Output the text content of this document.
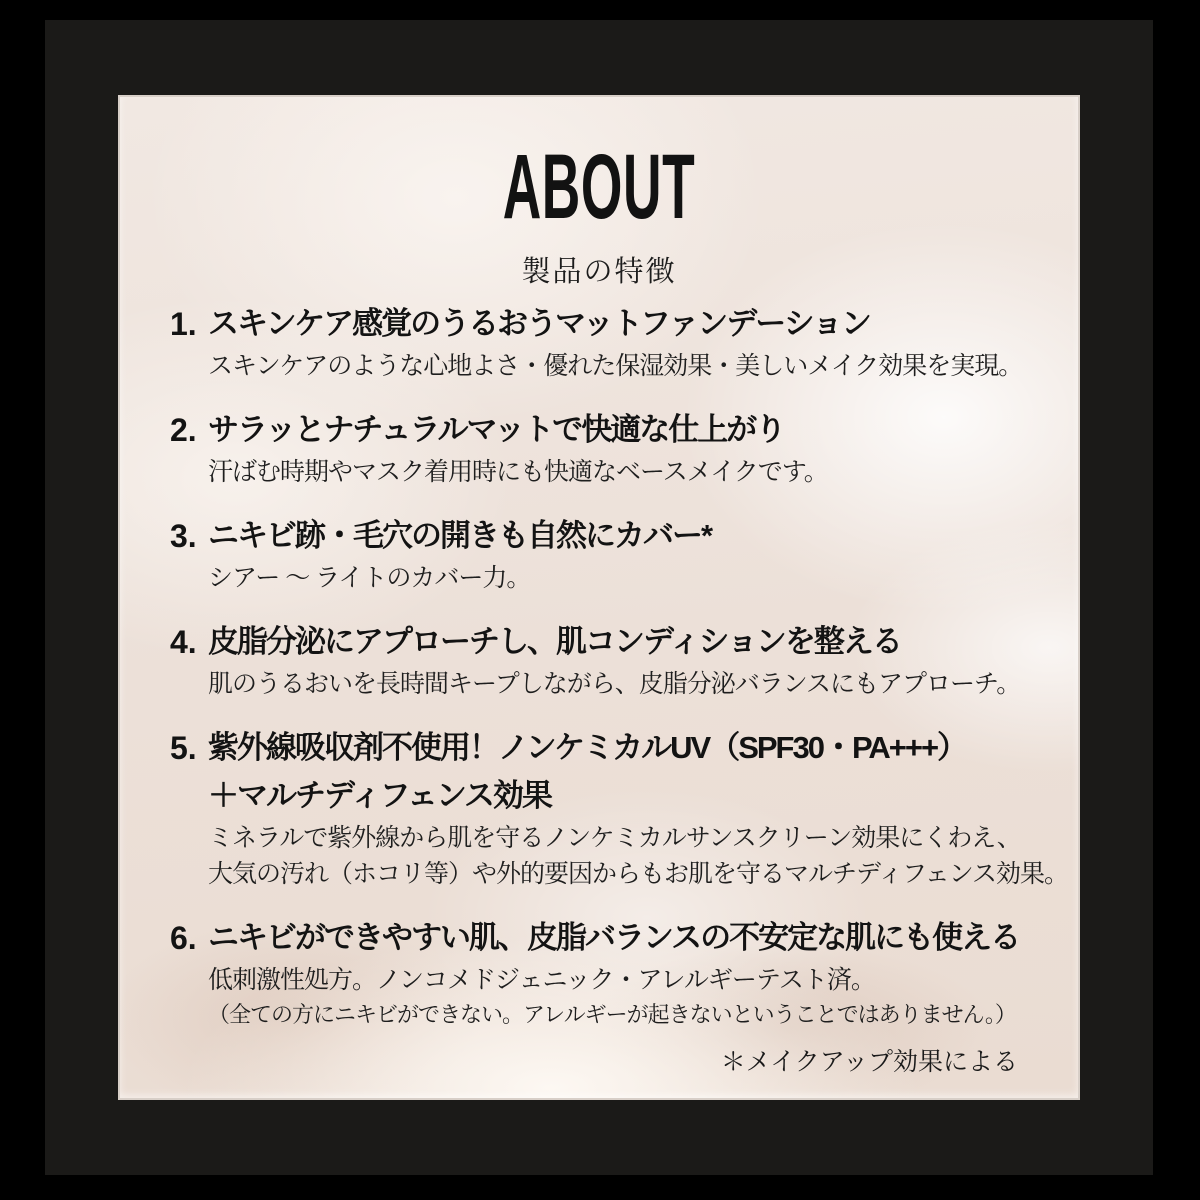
ABOUT
製品の特徴
1. スキンケア感覚のうるおうマットファンデーション
スキンケアのような心地よさ・優れた保湿効果・美しいメイク効果を実現。
2. サラッとナチュラルマットで快適な仕上がり
汗ばむ時期やマスク着用時にも快適なベースメイクです。
3. ニキビ跡・毛穴の開きも自然にカバー*
シアー ～ ライトのカバー力。
4. 皮脂分泌にアプローチし、肌コンディションを整える
肌のうるおいを長時間キープしながら、皮脂分泌バランスにもアプローチ。
5. 紫外線吸収剤不使用！ノンケミカルUV（SPF30・PA+++）
＋マルチディフェンス効果
ミネラルで紫外線から肌を守るノンケミカルサンスクリーン効果にくわえ、
大気の汚れ（ホコリ等）や外的要因からもお肌を守るマルチディフェンス効果。
6. ニキビができやすい肌、皮脂バランスの不安定な肌にも使える
低刺激性処方。ノンコメドジェニック・アレルギーテスト済。
（全ての方にニキビができない。アレルギーが起きないということではありません。）
＊メイクアップ効果による
